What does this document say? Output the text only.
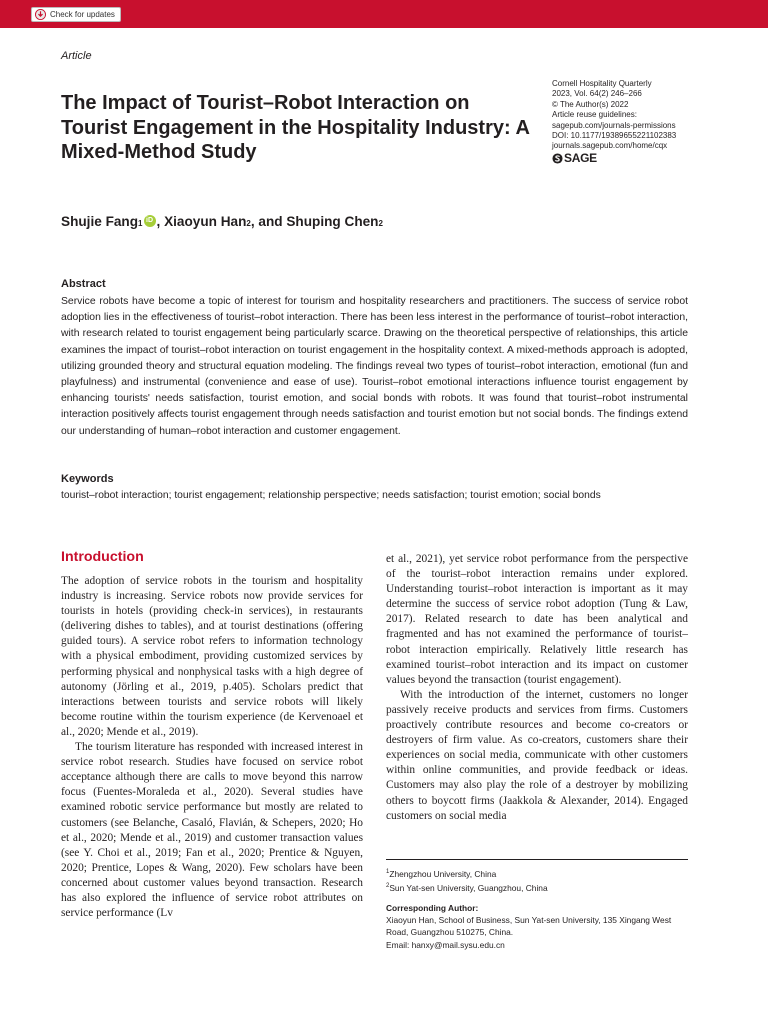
Check for updates
Article
The Impact of Tourist–Robot Interaction on Tourist Engagement in the Hospitality Industry: A Mixed-Method Study
Cornell Hospitality Quarterly
2023, Vol. 64(2) 246–266
© The Author(s) 2022
Article reuse guidelines:
sagepub.com/journals-permissions
DOI: 10.1177/19389655221102383
journals.sagepub.com/home/cqx
SAGE
Shujie Fang 1 iD , Xiaoyun Han 2 , and Shuping Chen 2
Abstract

Service robots have become a topic of interest for tourism and hospitality researchers and practitioners. The success of service robot adoption lies in the effectiveness of tourist–robot interaction. There has been less interest in the performance of tourist–robot interaction, with research related to tourist engagement being particularly scarce. Drawing on the theoretical perspective of relationships, this article examines the impact of tourist–robot interaction on tourist engagement in the hospitality context. A mixed-methods approach is adopted, utilizing grounded theory and structural equation modeling. The findings reveal two types of tourist–robot interaction, emotional (fun and playfulness) and instrumental (convenience and ease of use). Tourist–robot emotional interactions influence tourist engagement by enhancing tourists' needs satisfaction, tourist emotion, and social bonds with robots. It was found that tourist–robot instrumental interaction positively affects tourist engagement through needs satisfaction and tourist emotion but not social bonds. The findings extend our understanding of human–robot interaction and customer engagement.

Keywords

tourist–robot interaction; tourist engagement; relationship perspective; needs satisfaction; tourist emotion; social bonds

Introduction

The adoption of service robots in the tourism and hospitality industry is increasing. Service robots now provide services for tourists in hotels (providing check-in services), in restaurants (delivering dishes to tables), and at tourist destinations (offering guided tours). A service robot refers to information technology with a physical embodiment, providing customized services by performing physical and nonphysical tasks with a high degree of autonomy (Jörling et al., 2019, p.405). Scholars predict that interactions between tourists and service robots will likely become routine within the tourism experience (de Kervenoael et al., 2020; Mende et al., 2019).

The tourism literature has responded with increased interest in service robot research. Studies have focused on service robot acceptance although there are calls to move beyond this narrow focus (Fuentes-Moraleda et al., 2020). Several studies have examined robotic service performance but mostly are related to customers (see Belanche, Casaló, Flavián, & Schepers, 2020; Ho et al., 2020; Mende et al., 2019) and customer transaction values (see Y. Choi et al., 2019; Fan et al., 2020; Prentice & Nguyen, 2020; Prentice, Lopes & Wang, 2020). Few scholars have been concerned about customer values beyond transaction. Research has also explored the influence of service robot attributes on service performance (Lv

et al., 2021), yet service robot performance from the perspective of the tourist–robot interaction remains under explored. Understanding tourist–robot interaction is important as it may determine the success of service robot adoption (Tung & Law, 2017). Related research to date has been analytical and fragmented and has not examined the performance of tourist–robot interaction empirically. Relatively little research has examined tourist–robot interaction and its impact on customer values beyond the transaction (tourist engagement).

With the introduction of the internet, customers no longer passively receive products and services from firms. Customers proactively contribute resources and become co-creators or destroyers of firm value. As co-creators, customers share their experiences on social media, communicate with other customers within online communities, and provide feedback or ideas. Customers may also play the role of a destroyer by mobilizing others to boycott firms (Jaakkola & Alexander, 2014). Engaged customers on social media

$^1$Zhengzhou University, China
$^2$Sun Yat-sen University, Guangzhou, China
Corresponding Author:
Xiaoyun Han, School of Business, Sun Yat-sen University, 135 Xingang West Road, Guangzhou 510275, China.
Email: hanxy@mail.sysu.edu.cn
